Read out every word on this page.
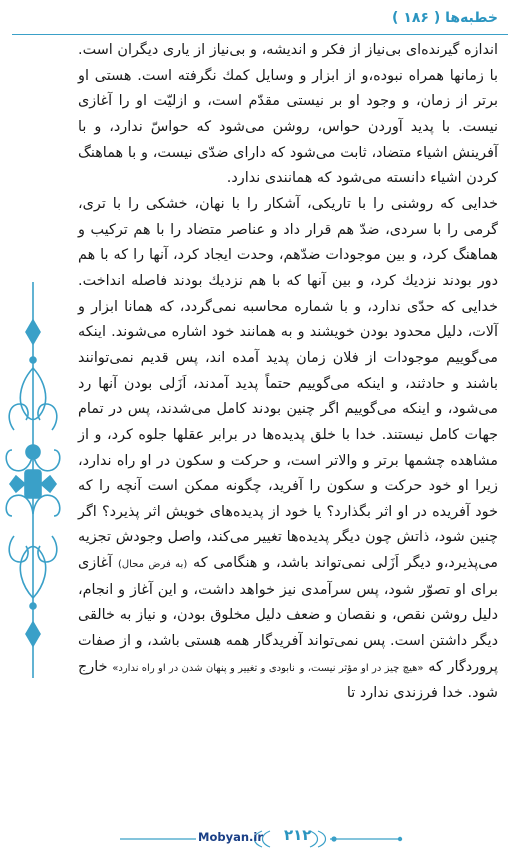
خطبه‌ها ( ۱۸۶ )

اندازه گیرنده‌ای بی‌نیاز از فکر و اندیشه، و بی‌نیاز از یاری دیگران است. با زمانها همراه نبوده،و از ابزار و وسایل کمك نگرفته است. هستی او برتر از زمان، و وجود او بر نیستی مقدّم است، و ازلیّت او را آغازی نیست. با پدید آوردن حواس، روشن می‌شود كه حواسّ ندارد، و با آفرینش اشیاء متضاد، ثابت می‌شود كه دارای ضدّی نیست، و با هماهنگ کردن اشیاء دانسته می‌شود که همانندی ندارد.

خدایی که روشنی را با تاریکی، آشکار را با نهان، خشکی را با تری، گرمی را با سردی، ضدّ هم قرار داد و عناصر متضاد را با هم ترکیب و هماهنگ کرد، و بین موجودات ضدّهم، وحدت ایجاد کرد، آنها را که با هم دور بودند نزدیك کرد، و بین آنها که با هم نزدیك بودند فاصله انداخت. خدایی كه حدّی ندارد، و با شماره محاسبه نمی‌گردد، كه همانا ابزار و آلات، دلیل محدود بودن خویشند و به همانند خود اشاره می‌شوند. اینكه می‌گوییم موجودات از فلان زمان پدید آمده اند، پس قدیم نمی‌توانند باشند و حادثند، و اینكه می‌گوییم حتماً پدید آمدند، اَزَلی بودن آنها رد می‌شود، و اینكه می‌گوییم اگر چنین بودند كامل می‌شدند، پس در تمام جهات كامل نیستند. خدا با خلق پدیده‌ها در برابر عقلها جلوه كرد، و از مشاهده چشمها برتر و والاتر است، و حركت و سكون در او راه ندارد، زیرا او خود حرکت و سکون را آفرید، چگونه ممکن است آنچه را که خود آفریده در او اثر بگذارد؟ یا خود از پدیده‌های خویش اثر پذیرد؟ اگر چنین شود، ذاتش چون دیگر پدیده‌ها تغییر می‌كند، واصل وجودش تجزیه می‌پذیرد،و دیگر اَزَلی نمی‌تواند باشد، و هنگامی که (به فرض محال) آغازی برای او تصوّر شود، پس سرآمدی نیز خواهد داشت، و این آغاز و انجام، دلیل روشن نقص، و نقصان و ضعف دلیل مخلوق بودن، و نیاز به خالقی دیگر داشتن است. پس نمی‌تواند آفریدگار همه هستی باشد، و از صفات پروردگار که «هیچ چیز در او مؤثر نیست، و نابودی و تغییر و پنهان شدن در او راه ندارد» خارج شود. خدا فرزندی ندارد تا

Mobyan.ir ۲۱۲
